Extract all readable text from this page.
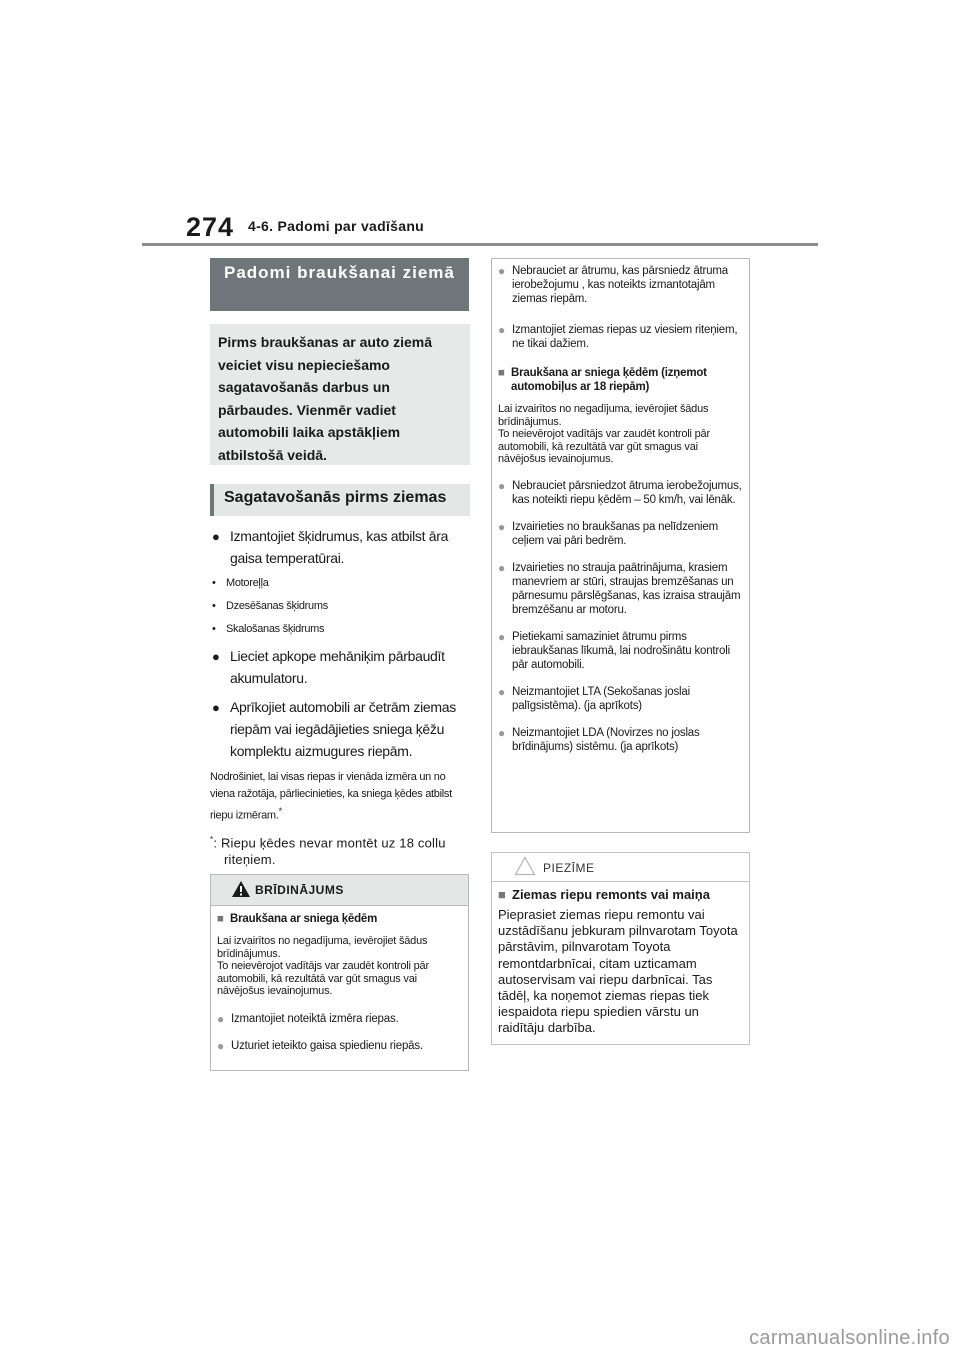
274 4-6. Padomi par vadīšanu
Padomi braukšanai ziemā
Pirms braukšanas ar auto ziemā veiciet visu nepieciešamo sagatavošanās darbus un pārbaudes. Vienmēr vadiet automobili laika apstākļiem atbilstošā veidā.
Sagatavošanās pirms ziemas
● Izmantojiet šķidrumus, kas atbilst āra gaisa temperatūrai.
• Motoreļļa
• Dzesēšanas šķidrums
• Skalošanas šķidrums
● Lieciet apkope mehāniķim pārbaudīt akumulatoru.
● Aprīkojiet automobili ar četrām ziemas riepām vai iegādājieties sniega ķēžu komplektu aizmugures riepām.
Nodrošiniet, lai visas riepas ir vienāda izmēra un no viena ražotāja, pārliecinieties, ka sniega ķēdes atbilst riepu izmēram.*
*: Riepu ķēdes nevar montēt uz 18 collu riteņiem.
BRĪDINĀJUMS
■ Braukšana ar sniega ķēdēm
Lai izvairītos no negadījuma, ievērojiet šādus brīdinājumus.
To neievērojot vadītājs var zaudēt kontroli pār automobili, kā rezultātā var gūt smagus vai nāvējošus ievainojumus.
● Izmantojiet noteiktā izmēra riepas.
● Uzturiet ieteikto gaisa spiedienu riepās.
● Nebrauciet ar ātrumu, kas pārsniedz ātruma ierobežojumu , kas noteikts izmantotajām ziemas riepām.
● Izmantojiet ziemas riepas uz viesiem riteņiem, ne tikai dažiem.
■ Braukšana ar sniega ķēdēm (izņemot automobiļus ar 18 riepām)
Lai izvairītos no negadījuma, ievērojiet šādus brīdinājumus.
To neievērojot vadītājs var zaudēt kontroli pār automobili, kā rezultātā var gūt smagus vai nāvējošus ievainojumus.
● Nebrauciet pārsniedzot ātruma ierobežojumus, kas noteikti riepu ķēdēm – 50 km/h, vai lēnāk.
● Izvairieties no braukšanas pa nelīdzeniem ceļiem vai pāri bedrēm.
● Izvairieties no strauja paātrinājuma, krasiem manevriem ar stūri, straujas bremzēšanas un pārnesumu pārslēgšanas, kas izraisa straujām bremzēšanu ar motoru.
● Pietiekami samaziniet ātrumu pirms iebraukšanas līkumā, lai nodrošinātu kontroli pār automobili.
● Neizmantojiet LTA (Sekošanas joslai palīgsistēma). (ja aprīkots)
● Neizmantojiet LDA (Novirzes no joslas brīdinājums) sistēmu. (ja aprīkots)
PIEZĪME
■ Ziemas riepu remonts vai maiņa
Pieprasiet ziemas riepu remontu vai uzstādīšanu jebkuram pilnvarotam Toyota pārstāvim, pilnvarotam Toyota remontdarbnīcai, citam uzticamam autoservisam vai riepu darbnīcai. Tas tādēļ, ka noņemot ziemas riepas tiek iespaidota riepu spiedien vārstu un raidītāju darbība.
carmanualsonline.info
